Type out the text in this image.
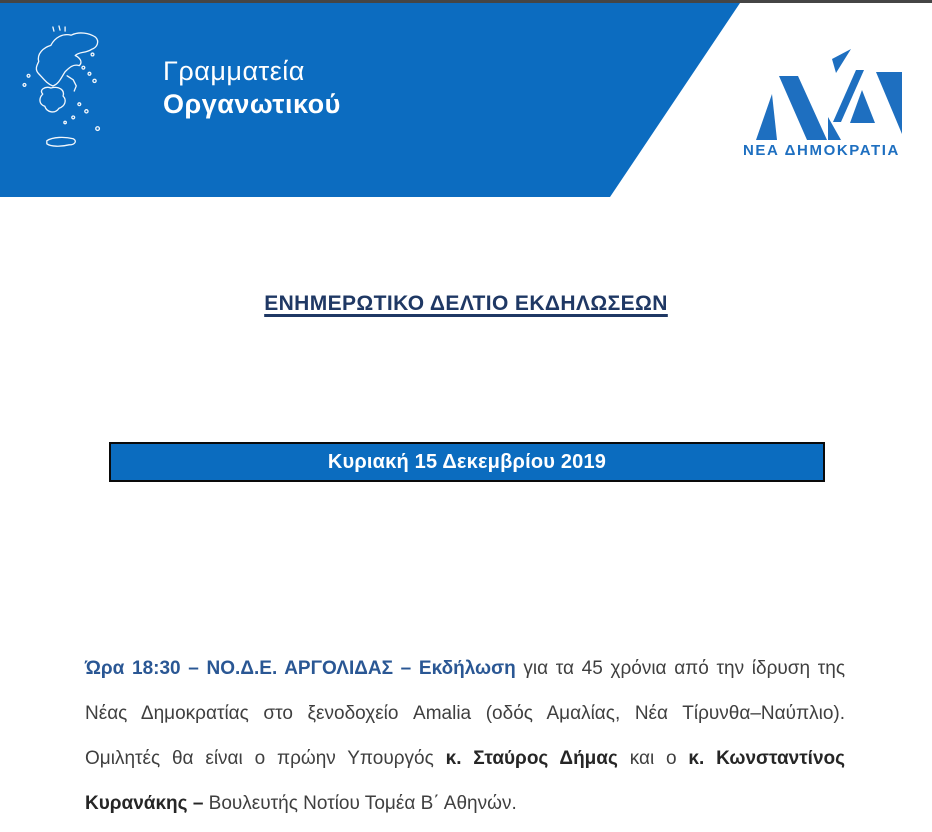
Γραμματεία
Οργανωτικού
ΝΕΑ ΔΗΜΟΚΡΑΤΙΑ
ΕΝΗΜΕΡΩΤΙΚΟ ΔΕΛΤΙΟ ΕΚΔΗΛΩΣΕΩΝ
Κυριακή 15 Δεκεμβρίου 2019
Ώρα 18:30 – ΝΟ.Δ.Ε. ΑΡΓΟΛΙΔΑΣ – Εκδήλωση για τα 45 χρόνια από την ίδρυση της
Νέας Δημοκρατίας στο ξενοδοχείο Amalia (οδός Αμαλίας, Νέα Τίρυνθα–Ναύπλιο).
Ομιλητές θα είναι ο πρώην Υπουργός κ. Σταύρος Δήμας και ο κ. Κωνσταντίνος
Κυρανάκης – Βουλευτής Νοτίου Τομέα Β΄ Αθηνών.
